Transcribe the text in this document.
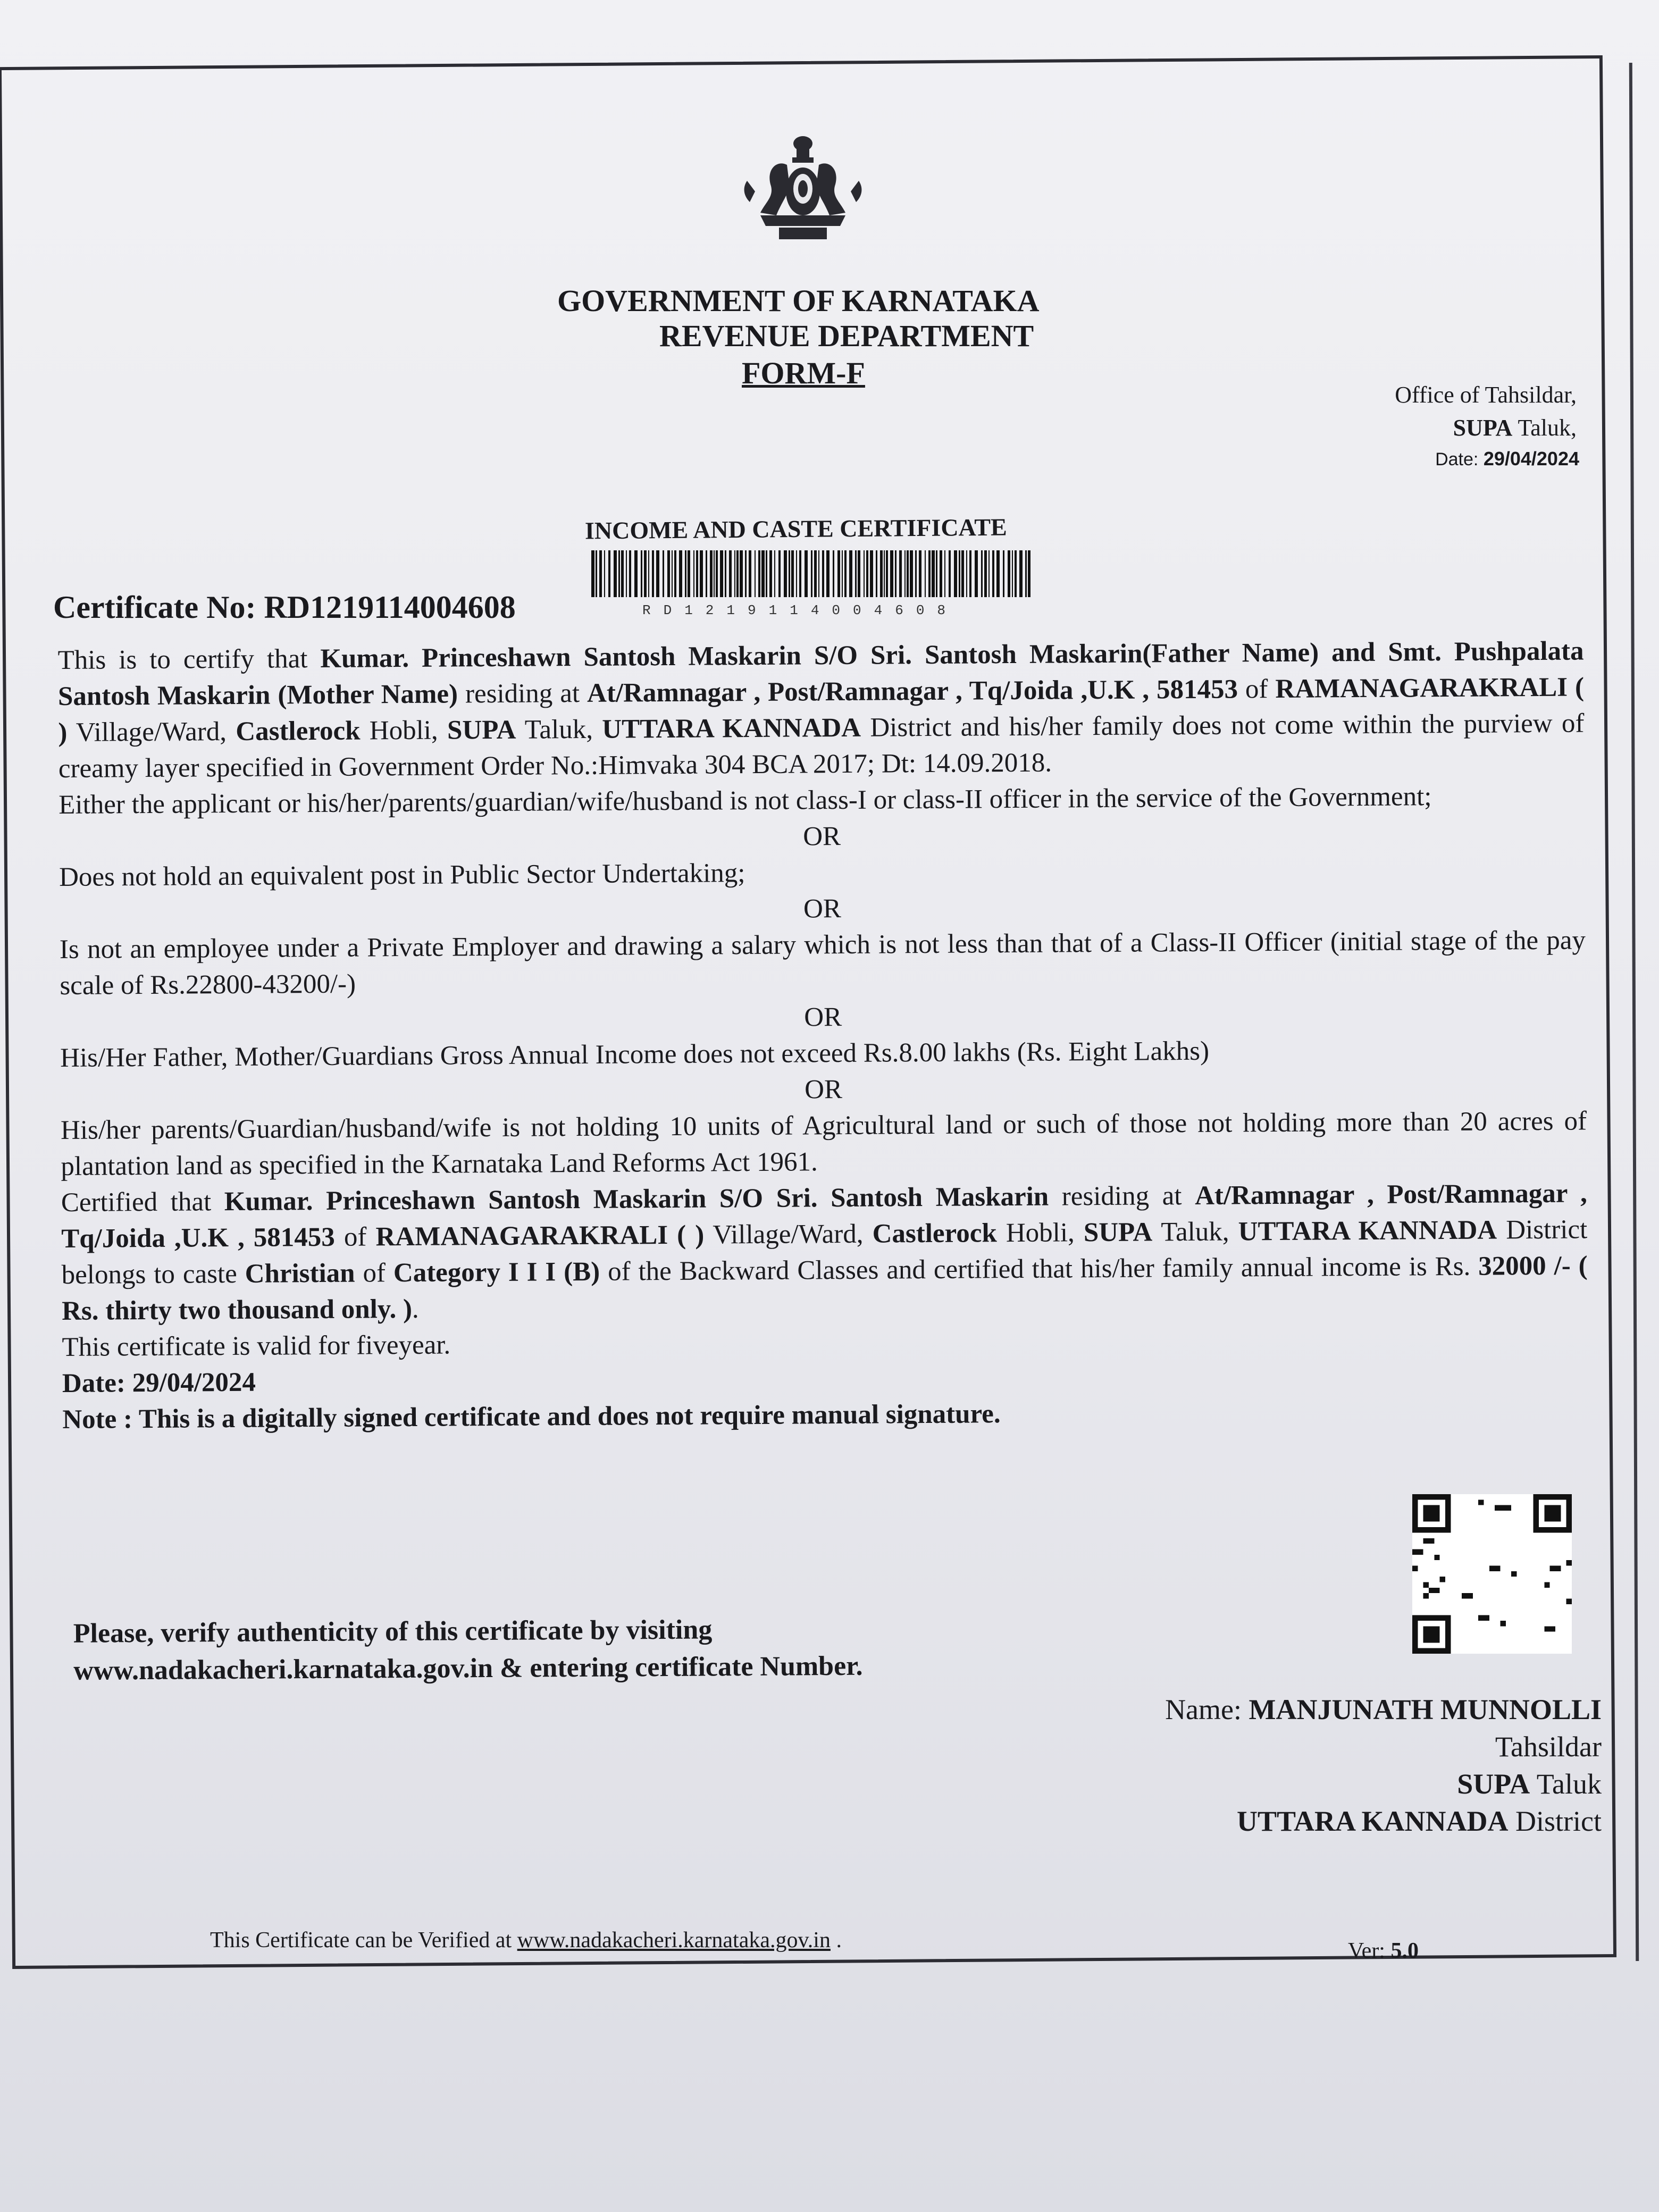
GOVERNMENT OF KARNATAKA
REVENUE DEPARTMENT
FORM-F
Office of Tahsildar,
SUPA Taluk,
Date: 29/04/2024
INCOME AND CASTE CERTIFICATE
RD1219114004608
Certificate No: RD1219114004608

This is to certify that Kumar. Princeshawn Santosh Maskarin S/O Sri. Santosh Maskarin(Father Name) and Smt. Pushpalata Santosh Maskarin (Mother Name) residing at At/Ramnagar , Post/Ramnagar , Tq/Joida ,U.K , 581453 of RAMANAGARAKRALI ( ) Village/Ward, Castlerock Hobli, SUPA Taluk, UTTARA KANNADA District and his/her family does not come within the purview of creamy layer specified in Government Order No.:Himvaka 304 BCA 2017; Dt: 14.09.2018.

Either the applicant or his/her/parents/guardian/wife/husband is not class-I or class-II officer in the service of the Government;

OR

Does not hold an equivalent post in Public Sector Undertaking;

OR

Is not an employee under a Private Employer and drawing a salary which is not less than that of a Class-II Officer (initial stage of the pay scale of Rs.22800-43200/-)

OR

His/Her Father, Mother/Guardians Gross Annual Income does not exceed Rs.8.00 lakhs (Rs. Eight Lakhs)

OR

His/her parents/Guardian/husband/wife is not holding 10 units of Agricultural land or such of those not holding more than 20 acres of plantation land as specified in the Karnataka Land Reforms Act 1961.

Certified that Kumar. Princeshawn Santosh Maskarin S/O Sri. Santosh Maskarin residing at At/Ramnagar , Post/Ramnagar , Tq/Joida ,U.K , 581453 of RAMANAGARAKRALI ( ) Village/Ward, Castlerock Hobli, SUPA Taluk, UTTARA KANNADA District belongs to caste Christian of Category I I I (B) of the Backward Classes and certified that his/her family annual income is Rs. 32000 /- ( Rs. thirty two thousand only. ).

This certificate is valid for fiveyear.

Date: 29/04/2024

Note : This is a digitally signed certificate and does not require manual signature.

Please, verify authenticity of this certificate by visiting
www.nadakacheri.karnataka.gov.in & entering certificate Number.
Name: MANJUNATH MUNNOLLI
Tahsildar
SUPA Taluk
UTTARA KANNADA District
This Certificate can be Verified at www.nadakacheri.karnataka.gov.in .	Ver: 5.0
